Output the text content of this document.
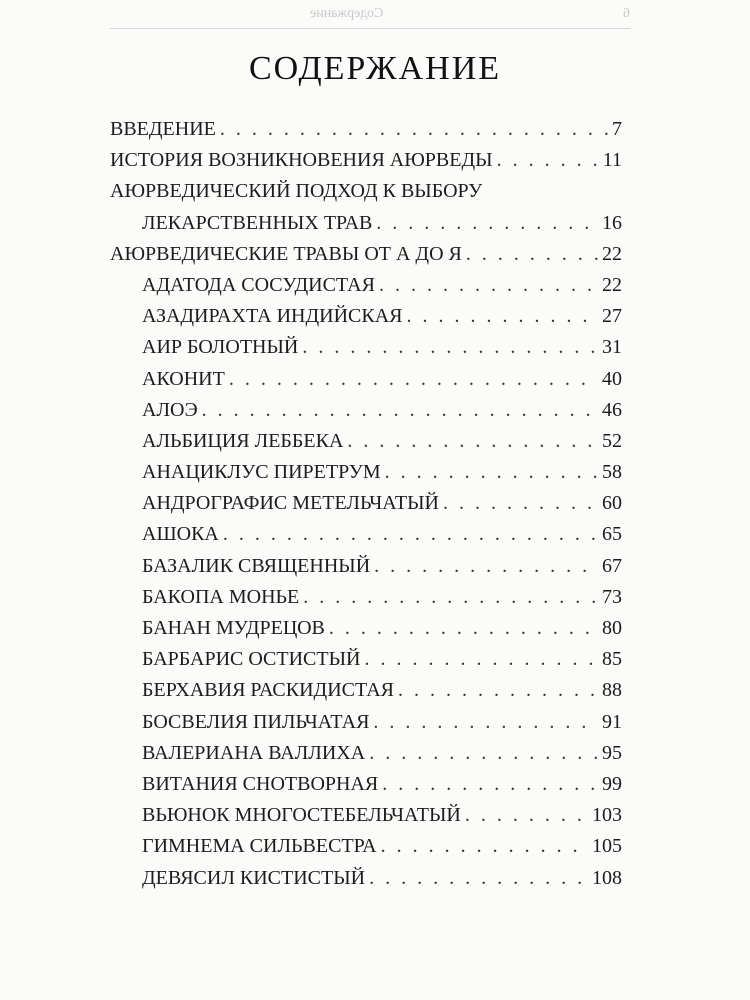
Содержание	6
СОДЕРЖАНИЕ
ВВЕДЕНИЕ . . .	7
ИСТОРИЯ ВОЗНИКНОВЕНИЯ АЮРВЕДЫ . . .	11
АЮРВЕДИЧЕСКИЙ ПОДХОД К ВЫБОРУ
ЛЕКАРСТВЕННЫХ ТРАВ . . .	16
АЮРВЕДИЧЕСКИЕ ТРАВЫ ОТ А ДО Я . . .	22
АДАТОДА СОСУДИСТАЯ . . .	22
АЗАДИРАХТА ИНДИЙСКАЯ . . .	27
АИР БОЛОТНЫЙ . . .	31
АКОНИТ . . .	40
АЛОЭ . . .	46
АЛЬБИЦИЯ ЛЕББЕКА . . .	52
АНАЦИКЛУС ПИРЕТРУМ . . .	58
АНДРОГРАФИС МЕТЕЛЬЧАТЫЙ . . .	60
АШОКА . . .	65
БАЗАЛИК СВЯЩЕННЫЙ . . .	67
БАКОПА МОНЬЕ . . .	73
БАНАН МУДРЕЦОВ . . .	80
БАРБАРИС ОСТИСТЫЙ . . .	85
БЕРХАВИЯ РАСКИДИСТАЯ . . .	88
БОСВЕЛИЯ ПИЛЬЧАТАЯ . . .	91
ВАЛЕРИАНА ВАЛЛИХА . . .	95
ВИТАНИЯ СНОТВОРНАЯ . . .	99
ВЬЮНОК МНОГОСТЕБЕЛЬЧАТЫЙ . . .	103
ГИМНЕМА СИЛЬВЕСТРА . . .	105
ДЕВЯСИЛ КИСТИСТЫЙ . . .	108
